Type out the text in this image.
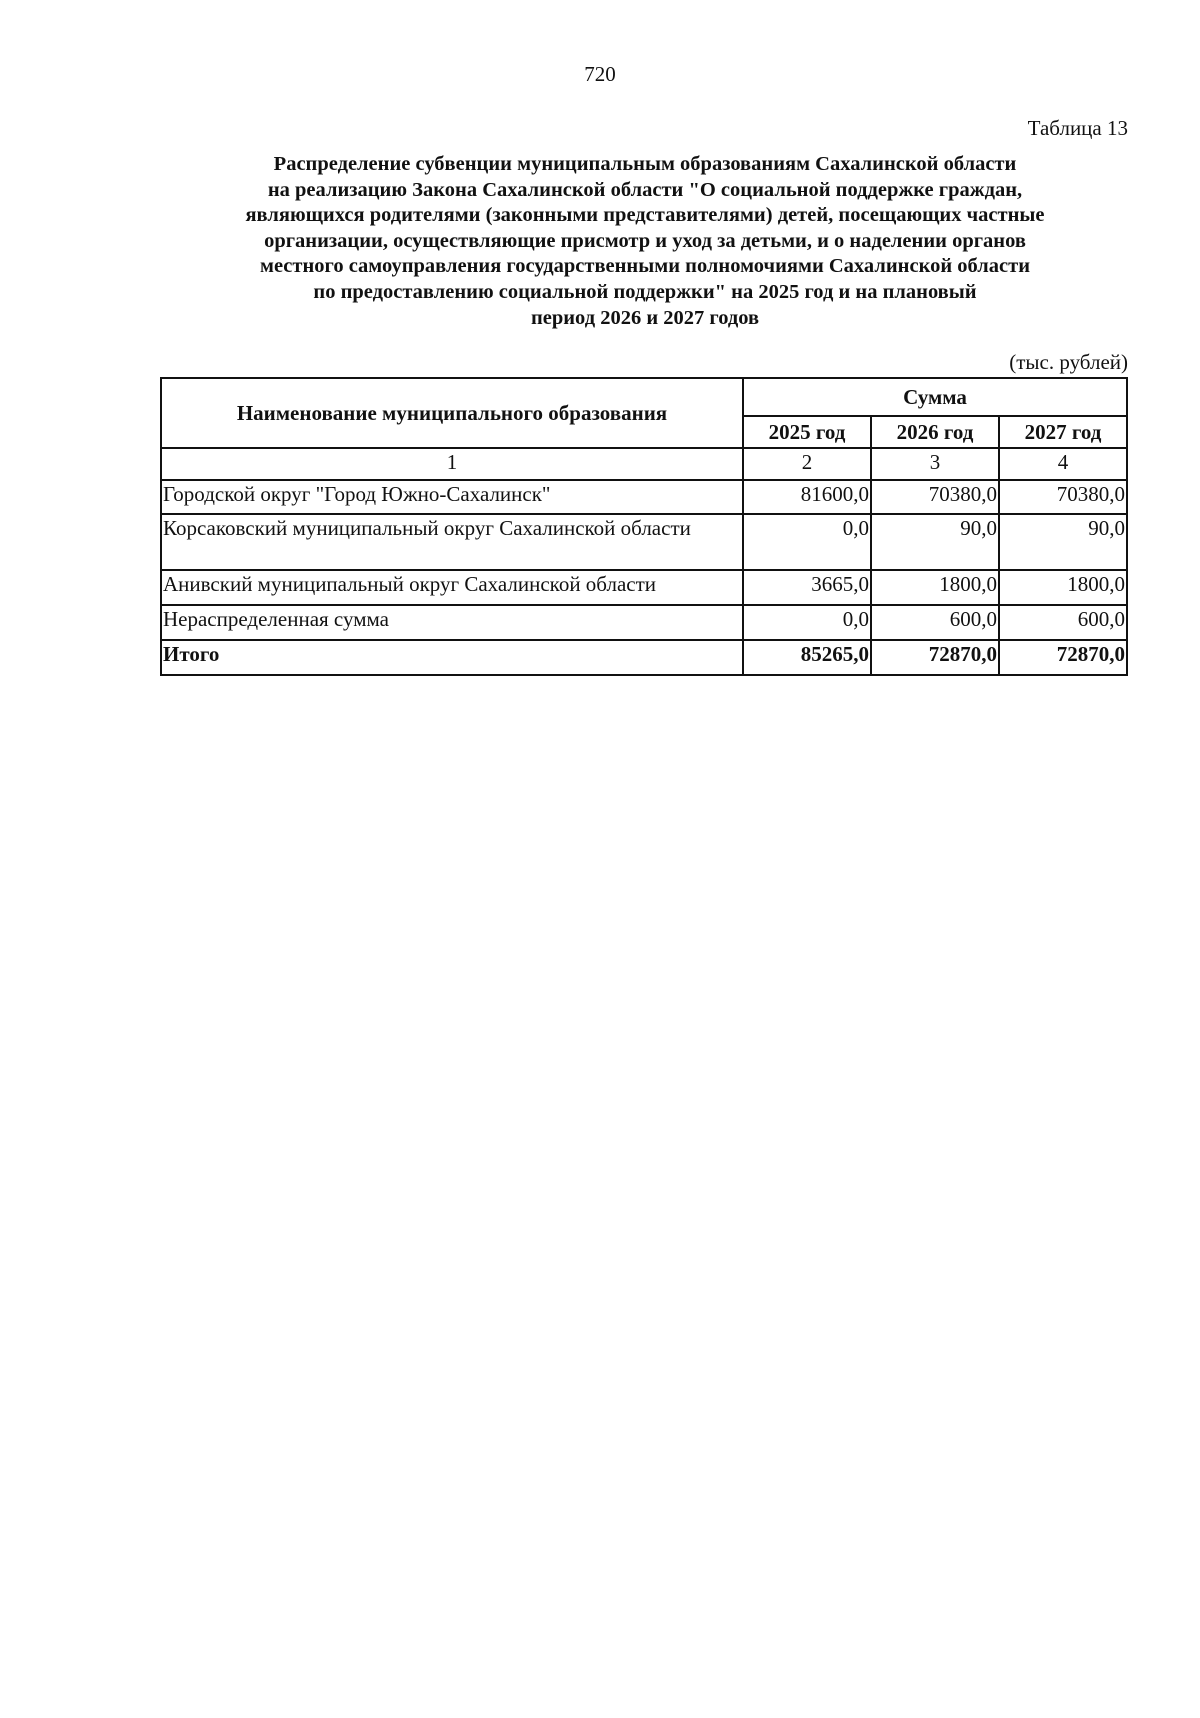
720
Таблица 13
Распределение субвенции муниципальным образованиям Сахалинской области
на реализацию Закона Сахалинской области "О социальной поддержке граждан,
являющихся родителями (законными представителями) детей, посещающих частные
организации, осуществляющие присмотр и уход за детьми, и о наделении органов
местного самоуправления государственными полномочиями Сахалинской области
по предоставлению социальной поддержки" на 2025 год и на плановый
период 2026 и 2027 годов
(тыс. рублей)
Наименование муниципального образования	Сумма		
	2025 год	2026 год	2027 год
1	2	3	4
Городской округ "Город Южно-Сахалинск"	81600,0	70380,0	70380,0
Корсаковский муниципальный округ Сахалинской области	0,0	90,0	90,0
Анивский муниципальный округ Сахалинской области	3665,0	1800,0	1800,0
Нераспределенная сумма	0,0	600,0	600,0
Итого	85265,0	72870,0	72870,0
